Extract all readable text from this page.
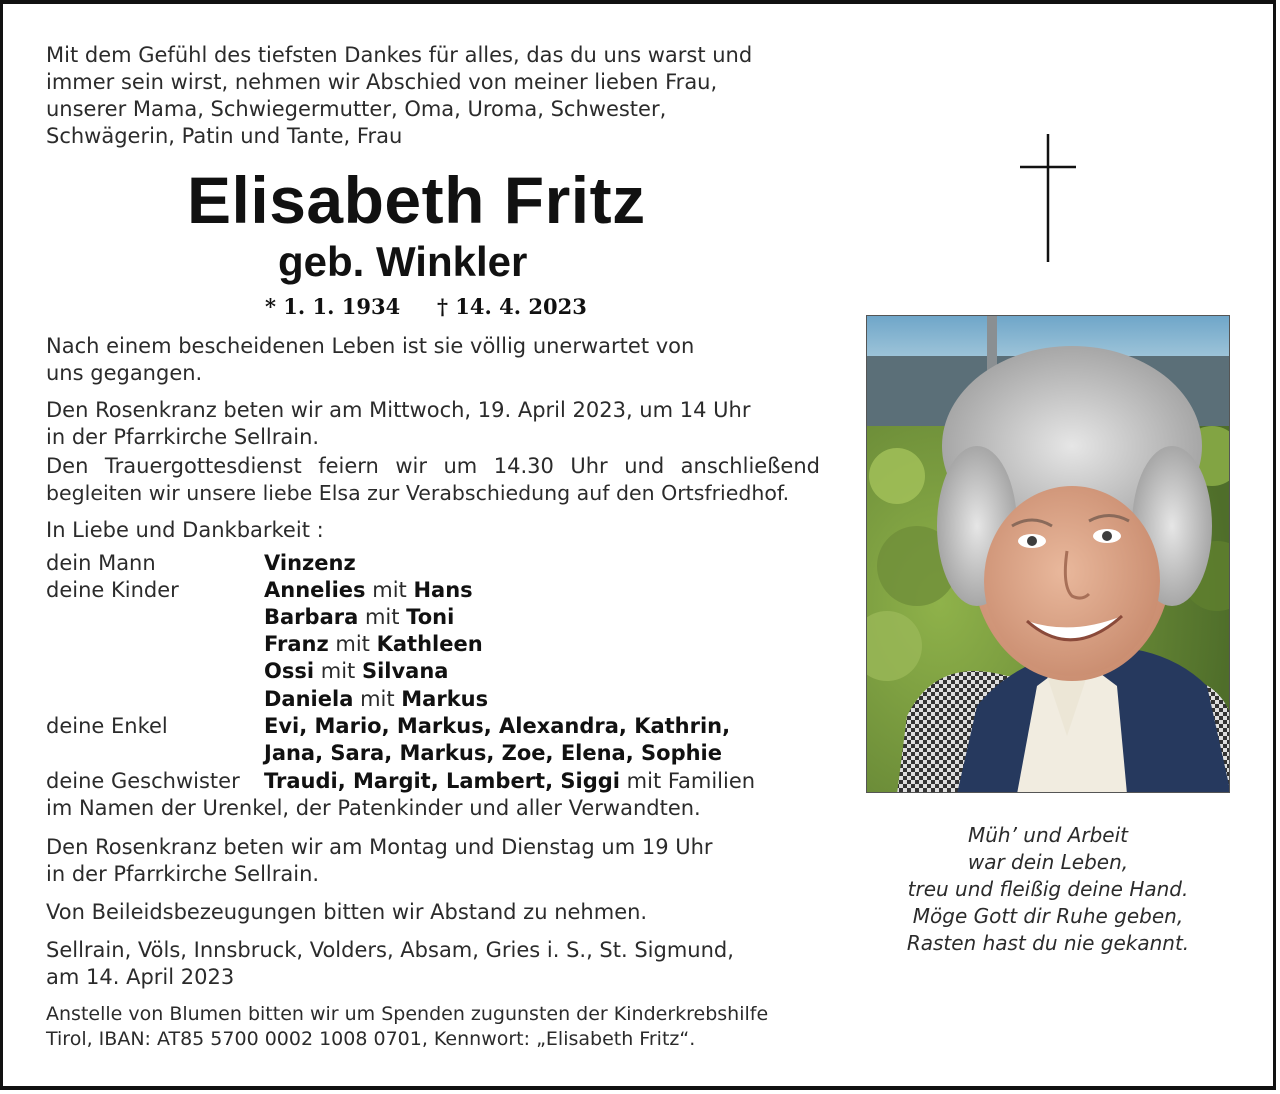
Mit dem Gefühl des tiefsten Dankes für alles, das du uns warst und
immer sein wirst, nehmen wir Abschied von meiner lieben Frau,
unserer Mama, Schwiegermutter, Oma, Uroma, Schwester,
Schwägerin, Patin und Tante, Frau
Elisabeth Fritz
geb. Winkler
* 1. 1. 1934 † 14. 4. 2023
Nach einem bescheidenen Leben ist sie völlig unerwartet von
uns gegangen.
Den Rosenkranz beten wir am Mittwoch, 19. April 2023, um 14 Uhr
in der Pfarrkirche Sellrain.
Den Trauergottesdienst feiern wir um 14.30 Uhr und anschließend
begleiten wir unsere liebe Elsa zur Verabschiedung auf den Ortsfriedhof.
In Liebe und Dankbarkeit :
dein Mann	Vinzenz
deine Kinder	Annelies mit Hans
Barbara mit Toni
Franz mit Kathleen
Ossi mit Silvana
Daniela mit Markus
deine Enkel	Evi, Mario, Markus, Alexandra, Kathrin,
Jana, Sara, Markus, Zoe, Elena, Sophie
deine Geschwister Traudi, Margit, Lambert, Siggi mit Familien
im Namen der Urenkel, der Patenkinder und aller Verwandten.
Den Rosenkranz beten wir am Montag und Dienstag um 19 Uhr
in der Pfarrkirche Sellrain.
Von Beileidsbezeugungen bitten wir Abstand zu nehmen.
Sellrain, Völs, Innsbruck, Volders, Absam, Gries i. S., St. Sigmund,
am 14. April 2023
Anstelle von Blumen bitten wir um Spenden zugunsten der Kinderkrebshilfe
Tirol, IBAN: AT85 5700 0002 1008 0701, Kennwort: „Elisabeth Fritz“.
Müh’ und Arbeit
war dein Leben,
treu und fleißig deine Hand.
Möge Gott dir Ruhe geben,
Rasten hast du nie gekannt.
